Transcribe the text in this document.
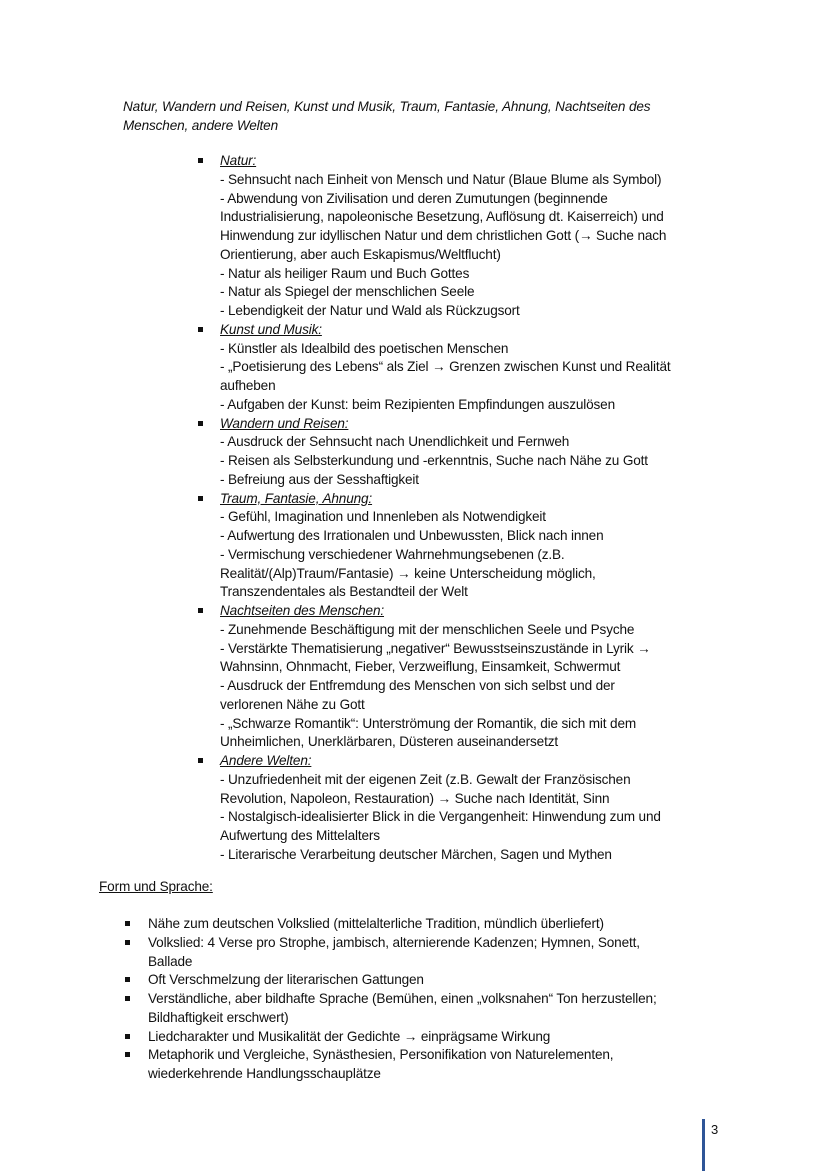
Natur, Wandern und Reisen, Kunst und Musik, Traum, Fantasie, Ahnung, Nachtseiten des
Menschen, andere Welten
Natur:
- Sehnsucht nach Einheit von Mensch und Natur (Blaue Blume als Symbol)
- Abwendung von Zivilisation und deren Zumutungen (beginnende
Industrialisierung, napoleonische Besetzung, Auflösung dt. Kaiserreich) und
Hinwendung zur idyllischen Natur und dem christlichen Gott (→ Suche nach
Orientierung, aber auch Eskapismus/Weltflucht)
- Natur als heiliger Raum und Buch Gottes
- Natur als Spiegel der menschlichen Seele
- Lebendigkeit der Natur und Wald als Rückzugsort
Kunst und Musik:
- Künstler als Idealbild des poetischen Menschen
- „Poetisierung des Lebens“ als Ziel → Grenzen zwischen Kunst und Realität
aufheben
- Aufgaben der Kunst: beim Rezipienten Empfindungen auszulösen
Wandern und Reisen:
- Ausdruck der Sehnsucht nach Unendlichkeit und Fernweh
- Reisen als Selbsterkundung und -erkenntnis, Suche nach Nähe zu Gott
- Befreiung aus der Sesshaftigkeit
Traum, Fantasie, Ahnung:
- Gefühl, Imagination und Innenleben als Notwendigkeit
- Aufwertung des Irrationalen und Unbewussten, Blick nach innen
- Vermischung verschiedener Wahrnehmungsebenen (z.B.
Realität/(Alp)Traum/Fantasie) → keine Unterscheidung möglich,
Transzendentales als Bestandteil der Welt
Nachtseiten des Menschen:
- Zunehmende Beschäftigung mit der menschlichen Seele und Psyche
- Verstärkte Thematisierung „negativer“ Bewusstseinszustände in Lyrik →
Wahnsinn, Ohnmacht, Fieber, Verzweiflung, Einsamkeit, Schwermut
- Ausdruck der Entfremdung des Menschen von sich selbst und der
verlorenen Nähe zu Gott
- „Schwarze Romantik“: Unterströmung der Romantik, die sich mit dem
Unheimlichen, Unerklärbaren, Düsteren auseinandersetzt
Andere Welten:
- Unzufriedenheit mit der eigenen Zeit (z.B. Gewalt der Französischen
Revolution, Napoleon, Restauration) → Suche nach Identität, Sinn
- Nostalgisch-idealisierter Blick in die Vergangenheit: Hinwendung zum und
Aufwertung des Mittelalters
- Literarische Verarbeitung deutscher Märchen, Sagen und Mythen
Form und Sprache:
Nähe zum deutschen Volkslied (mittelalterliche Tradition, mündlich überliefert)
Volkslied: 4 Verse pro Strophe, jambisch, alternierende Kadenzen; Hymnen, Sonett,
Ballade
Oft Verschmelzung der literarischen Gattungen
Verständliche, aber bildhafte Sprache (Bemühen, einen „volksnahen“ Ton herzustellen;
Bildhaftigkeit erschwert)
Liedcharakter und Musikalität der Gedichte → einprägsame Wirkung
Metaphorik und Vergleiche, Synästhesien, Personifikation von Naturelementen,
wiederkehrende Handlungsschauplätze
3
